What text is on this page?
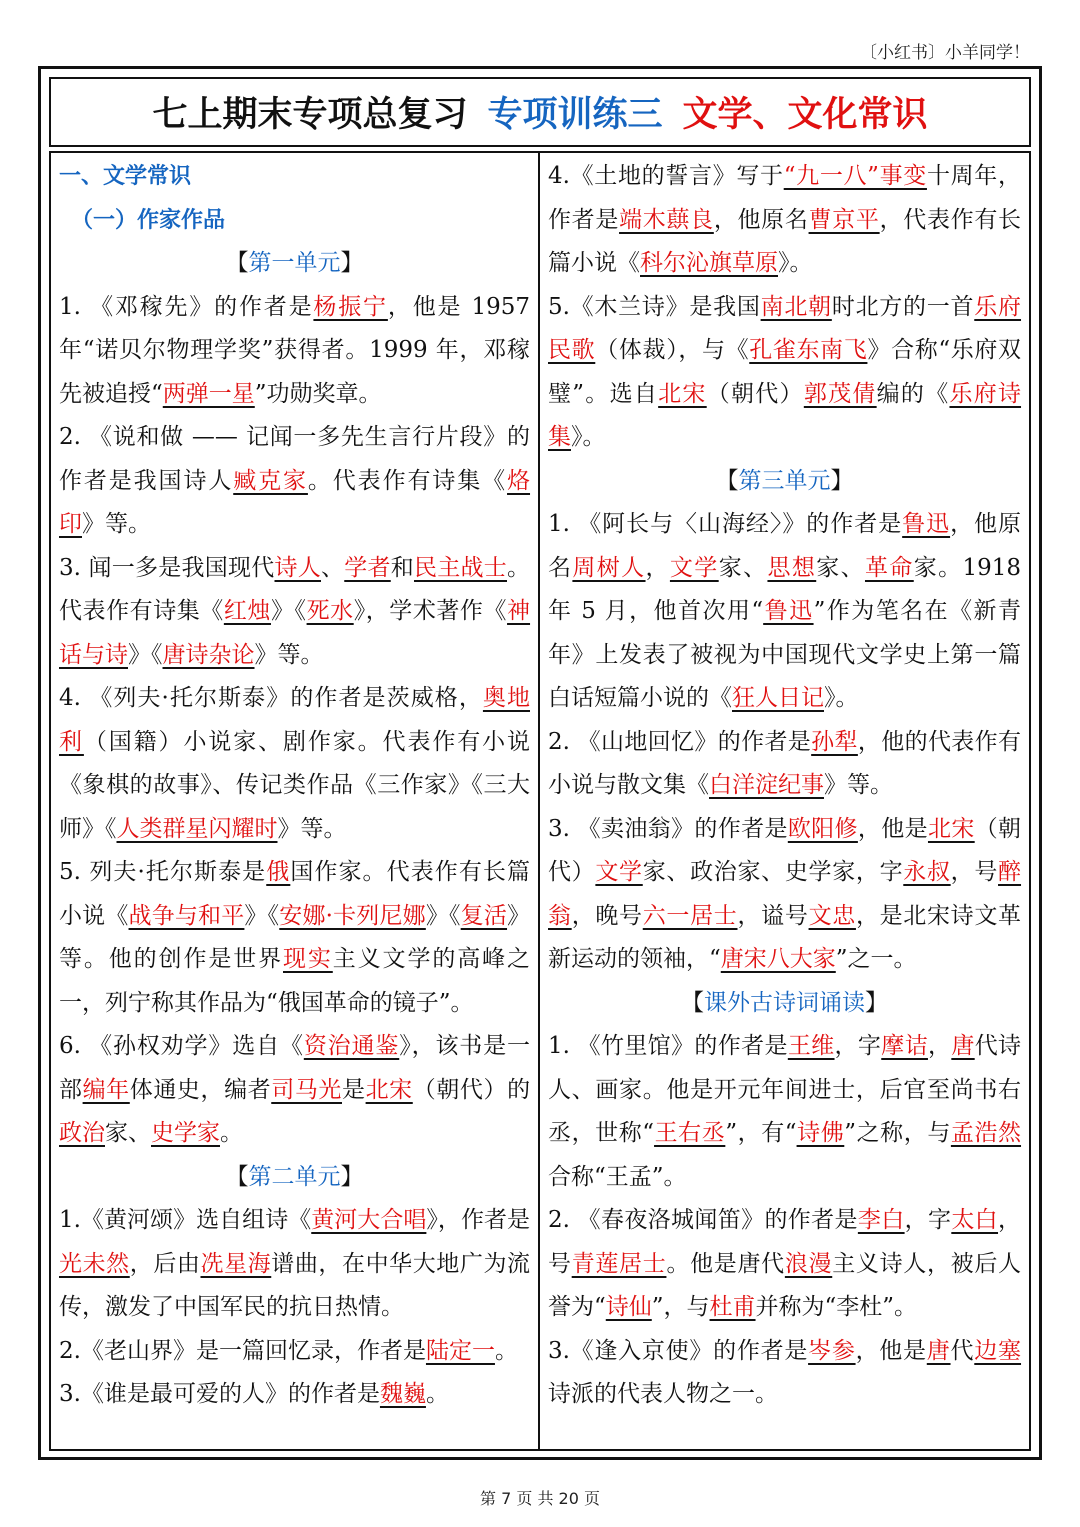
〔小红书〕小羊同学！
七上期末专项总复习 专项训练三 文学、文化常识

一、文学常识

（一）作家作品

【第一单元】

1. 《邓稼先》的作者是杨振宁，他是 1957 年“诺贝尔物理学奖”获得者。1999 年，邓稼先被追授“两弹一星”功勋奖章。

2. 《说和做 —— 记闻一多先生言行片段》的作者是我国诗人臧克家。代表作有诗集《烙印》等。

3. 闻一多是我国现代诗人、学者和民主战士。代表作有诗集《红烛》《死水》，学术著作《神话与诗》《唐诗杂论》等。

4. 《列夫·托尔斯泰》的作者是茨威格，奥地利（国籍）小说家、剧作家。代表作有小说《象棋的故事》、传记类作品《三作家》《三大师》《人类群星闪耀时》等。

5. 列夫·托尔斯泰是俄国作家。代表作有长篇小说《战争与和平》《安娜·卡列尼娜》《复活》等。他的创作是世界现实主义文学的高峰之一，列宁称其作品为“俄国革命的镜子”。

6. 《孙权劝学》选自《资治通鉴》，该书是一部编年体通史，编者司马光是北宋（朝代）的政治家、史学家。

【第二单元】

1.《黄河颂》选自组诗《黄河大合唱》，作者是光未然，后由冼星海谱曲，在中华大地广为流传，激发了中国军民的抗日热情。

2.《老山界》是一篇回忆录，作者是陆定一。

3.《谁是最可爱的人》的作者是魏巍。

4.《土地的誓言》写于“九一八”事变十周年，作者是端木蕻良，他原名曹京平，代表作有长篇小说《科尔沁旗草原》。

5.《木兰诗》是我国南北朝时北方的一首乐府民歌（体裁），与《孔雀东南飞》合称“乐府双璧”。选自北宋（朝代）郭茂倩编的《乐府诗集》。

【第三单元】

1. 《阿长与〈山海经〉》的作者是鲁迅，他原名周树人，文学家、思想家、革命家。1918 年 5 月，他首次用“鲁迅”作为笔名在《新青年》上发表了被视为中国现代文学史上第一篇白话短篇小说的《狂人日记》。

2. 《山地回忆》的作者是孙犁，他的代表作有小说与散文集《白洋淀纪事》等。

3. 《卖油翁》的作者是欧阳修，他是北宋（朝代）文学家、政治家、史学家，字永叔，号醉翁，晚号六一居士，谥号文忠，是北宋诗文革新运动的领袖，“唐宋八大家”之一。

【课外古诗词诵读】

1. 《竹里馆》的作者是王维，字摩诘，唐代诗人、画家。他是开元年间进士，后官至尚书右丞，世称“王右丞”，有“诗佛”之称，与孟浩然合称“王孟”。

2. 《春夜洛城闻笛》的作者是李白，字太白，号青莲居士。他是唐代浪漫主义诗人，被后人誉为“诗仙”，与杜甫并称为“李杜”。

3.《逢入京使》的作者是岑参，他是唐代边塞诗派的代表人物之一。

第 7 页 共 20 页
